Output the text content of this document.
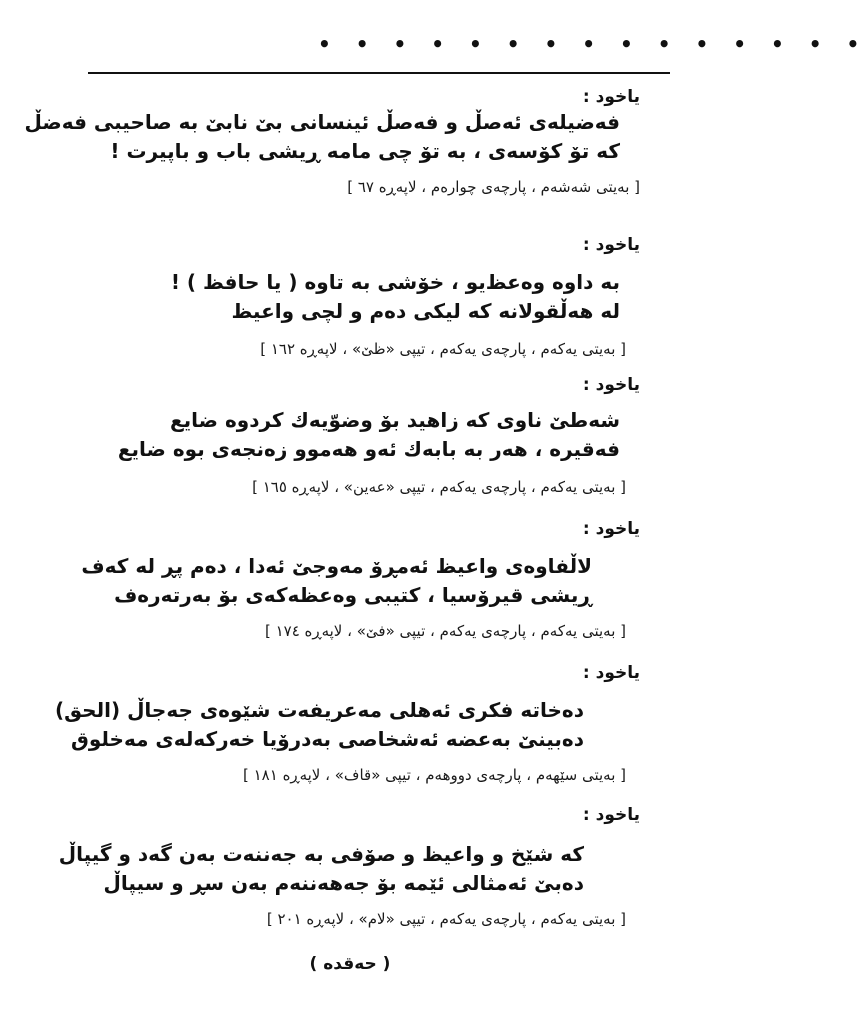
• • • • • • • • • • • • • • •
یاخود :
فەضیلەی ئەصڵ و فەصڵ ئینسانی بێ نابێ بە صاحیبی فەضڵ
کە تۆ کۆسەی ، بە تۆ چی مامە ڕیشی باب و باپیرت !
[ بەیتی شەشەم ، پارچەی چوارەم ، لاپەڕە ٦٧ ]
یاخود :
بە داوە وەعظ‌یو ، خۆشی بە تاوە ( یا حافظ ) !
لە هەڵقولانە کە لیکی دەم و لچی واعیظ
[ بەیتی یەکەم ، پارچەی یەکەم ، تیپی «ظێ» ، لاپەڕە ١٦٢ ]
یاخود :
شەطێ ناوی کە زاهید بۆ وضوّیەك کردوە ضایع
فەقیرە ، هەر بە بابەك ئەو هەموو زەنجەی بوە ضایع
[ بەیتی یەکەم ، پارچەی یەکەم ، تیپی «عەین» ، لاپەڕە ١٦٥ ]
یاخود :
لاڵفاوەی واعیظ ئەمڕۆ مەوجێ ئەدا ، دەم پڕ لە کەف
ڕیشی قیرۆسیا ، کتیبی وەعظەکەی بۆ بەرتەرەف
[ بەیتی یەکەم ، پارچەی یەکەم ، تیپی «فێ» ، لاپەڕە ١٧٤ ]
یاخود :
دەخاتە فکری ئەهلی مەعریفەت شێوەی جەجاڵ (الحق)
دەبینێ بەعضە ئەشخاصی بەدرۆیا خەرکەلەی مەخلوق
[ بەیتی سێهەم ، پارچەی دووهەم ، تیپی «قاف» ، لاپەڕە ١٨١ ]
یاخود :
کە شێخ و واعیظ و صۆفی بە جەننەت بەن گەد و گیپاڵ
دەبێ ئەمثالی ئێمە بۆ جەهەننەم بەن سڕ و سیپاڵ
[ بەیتی یەکەم ، پارچەی یەکەم ، تیپی «لام» ، لاپەڕە ٢٠١ ]
( حەقدە )
